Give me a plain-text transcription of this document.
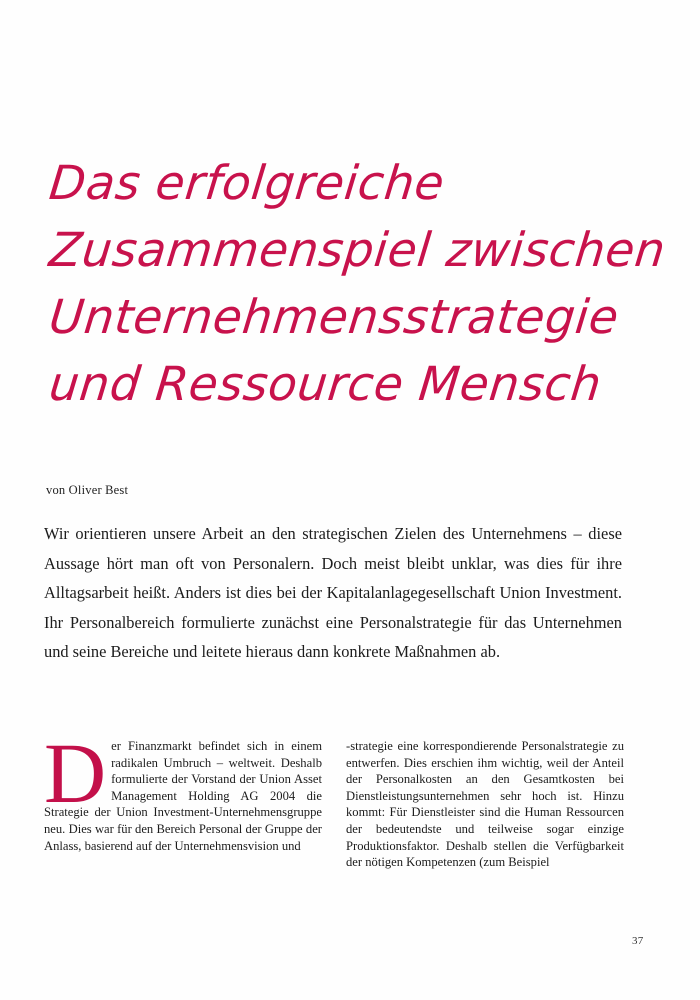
Das erfolgreiche
Zusammenspiel zwischen
Unternehmensstrategie
und Ressource Mensch
von Oliver Best
Wir orientieren unsere Arbeit an den strategischen Zielen des Unternehmens – diese Aussage hört man oft von Personalern. Doch meist bleibt unklar, was dies für ihre Alltagsarbeit heißt. Anders ist dies bei der Kapitalanlagegesellschaft Union Investment. Ihr Personalbereich formulierte zunächst eine Personalstrategie für das Unternehmen und seine Bereiche und leitete hieraus dann konkrete Maßnahmen ab.
Der Finanzmarkt befindet sich in einem radikalen Umbruch – weltweit. Deshalb formulierte der Vorstand der Union Asset Management Holding AG 2004 die Strategie der Union Investment-Unternehmensgruppe neu. Dies war für den Bereich Personal der Gruppe der Anlass, basierend auf der Unternehmensvision und
-strategie eine korrespondierende Personalstrategie zu entwerfen. Dies erschien ihm wichtig, weil der Anteil der Personalkosten an den Gesamtkosten bei Dienstleistungsunternehmen sehr hoch ist. Hinzu kommt: Für Dienstleister sind die Human Ressourcen der bedeutendste und teilweise sogar einzige Produktionsfaktor. Deshalb stellen die Verfügbarkeit der nötigen Kompetenzen (zum Beispiel
37
